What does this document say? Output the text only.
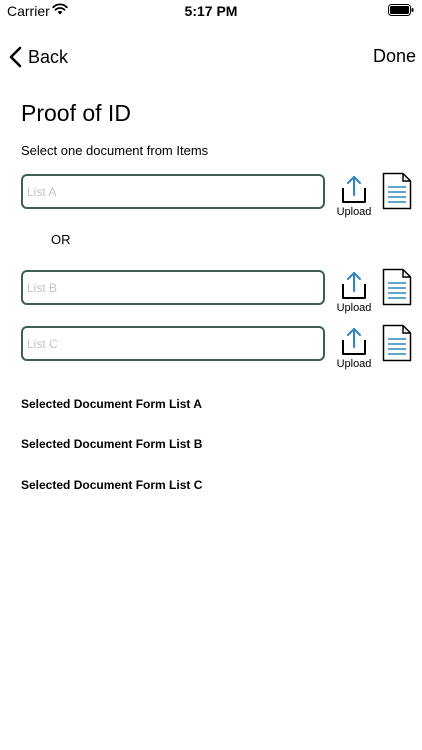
Carrier	5:17 PM
Back	Done
Proof of ID
Select one document from Items
List A
Upload
OR
List B
Upload
List C
Upload
Selected Document Form List A
Selected Document Form List B
Selected Document Form List C
